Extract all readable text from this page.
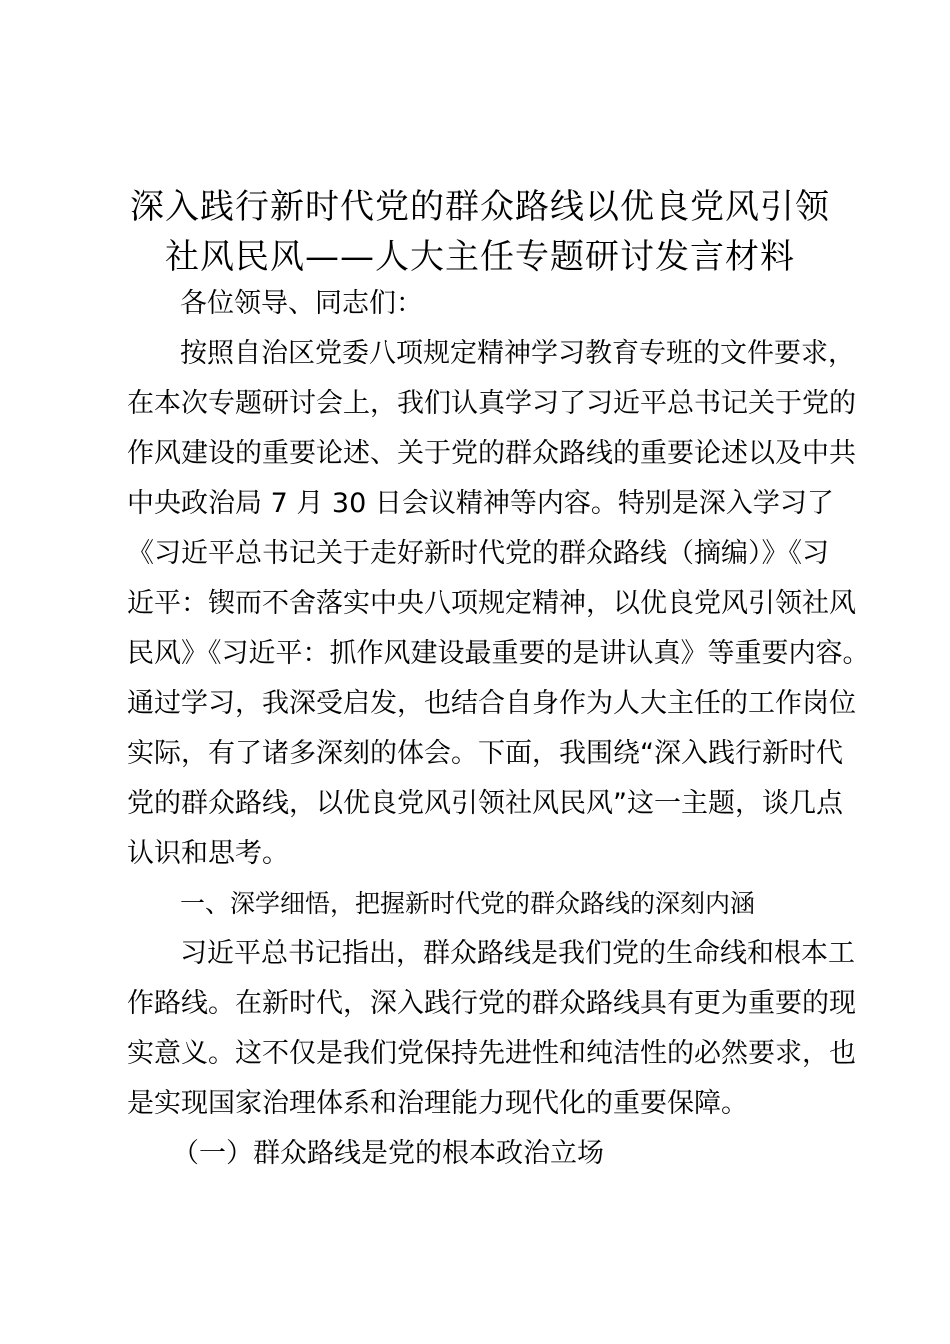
深入践行新时代党的群众路线以优良党风引领
社风民风——人大主任专题研讨发言材料
各位领导、同志们：
按照自治区党委八项规定精神学习教育专班的文件要求，
在本次专题研讨会上，我们认真学习了习近平总书记关于党的
作风建设的重要论述、关于党的群众路线的重要论述以及中共
中央政治局 7 月 30 日会议精神等内容。特别是深入学习了
《习近平总书记关于走好新时代党的群众路线（摘编）》《习
近平：锲而不舍落实中央八项规定精神，以优良党风引领社风
民风》《习近平：抓作风建设最重要的是讲认真》等重要内容。
通过学习，我深受启发，也结合自身作为人大主任的工作岗位
实际，有了诸多深刻的体会。下面，我围绕“深入践行新时代
党的群众路线，以优良党风引领社风民风”这一主题，谈几点
认识和思考。
一、深学细悟，把握新时代党的群众路线的深刻内涵
习近平总书记指出，群众路线是我们党的生命线和根本工
作路线。在新时代，深入践行党的群众路线具有更为重要的现
实意义。这不仅是我们党保持先进性和纯洁性的必然要求，也
是实现国家治理体系和治理能力现代化的重要保障。
（一）群众路线是党的根本政治立场
